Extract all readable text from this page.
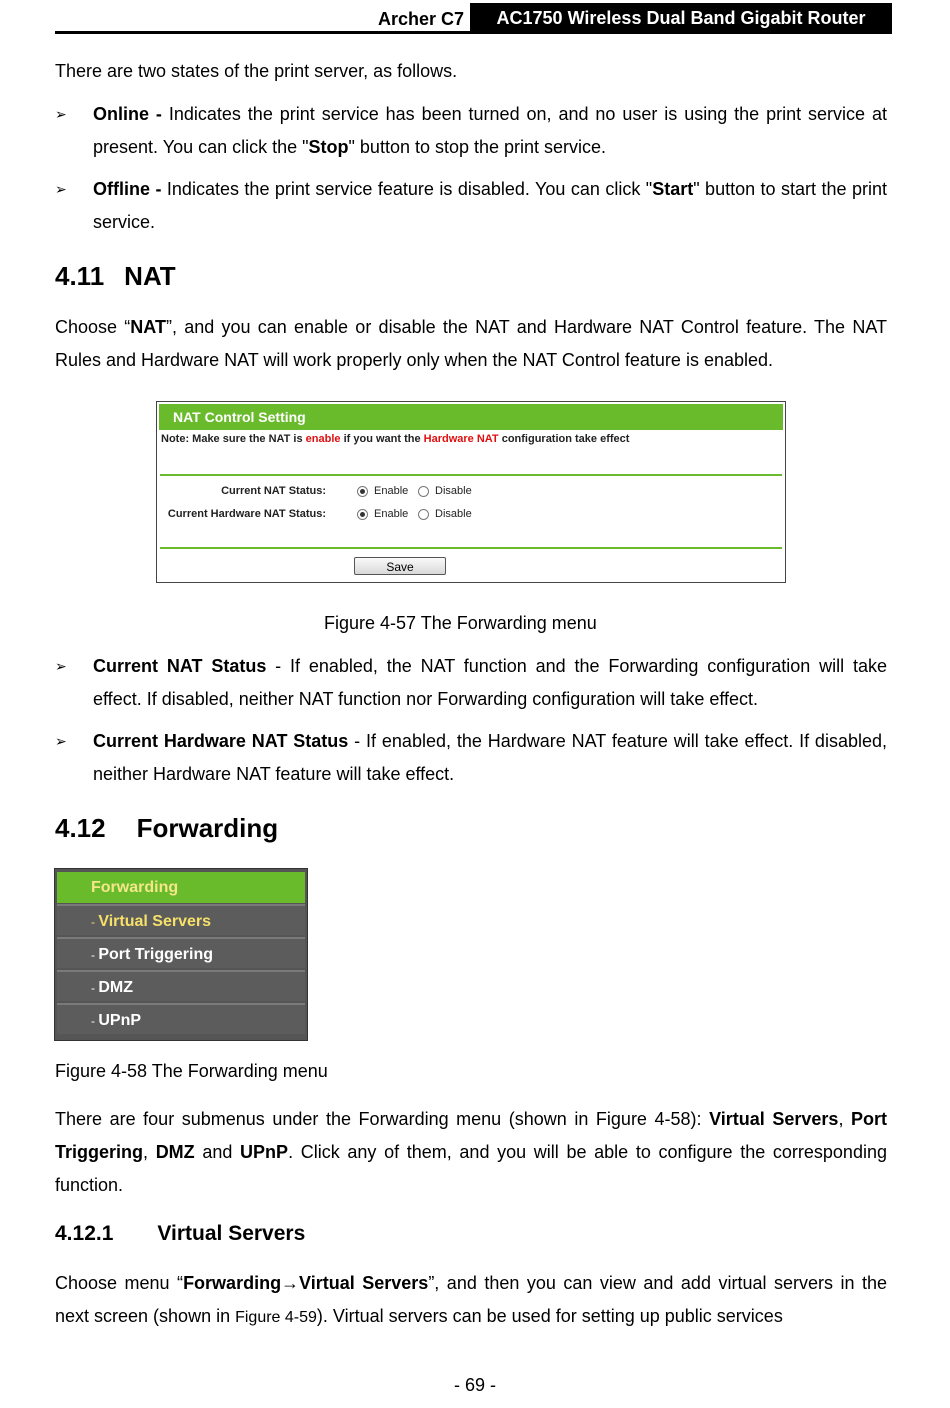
Archer C7	AC1750 Wireless Dual Band Gigabit Router
There are two states of the print server, as follows.
➢ Online - Indicates the print service has been turned on, and no user is using the print service at present. You can click the "Stop" button to stop the print service.
➢ Offline - Indicates the print service feature is disabled. You can click "Start" button to start the print service.
4.11 NAT
Choose “NAT”, and you can enable or disable the NAT and Hardware NAT Control feature. The NAT Rules and Hardware NAT will work properly only when the NAT Control feature is enabled.
NAT Control Setting
Note: Make sure the NAT is enable if you want the Hardware NAT configuration take effect
Current NAT Status:	Enable Disable
Current Hardware NAT Status:	Enable Disable
Save
Figure 4-57 The Forwarding menu
➢ Current NAT Status - If enabled, the NAT function and the Forwarding configuration will take effect. If disabled, neither NAT function nor Forwarding configuration will take effect.
➢ Current Hardware NAT Status - If enabled, the Hardware NAT feature will take effect. If disabled, neither Hardware NAT feature will take effect.
4.12 Forwarding
Forwarding
- Virtual Servers
- Port Triggering
- DMZ
- UPnP
Figure 4-58 The Forwarding menu
There are four submenus under the Forwarding menu (shown in Figure 4-58): Virtual Servers, Port Triggering, DMZ and UPnP. Click any of them, and you will be able to configure the corresponding function.
4.12.1 Virtual Servers
Choose menu “Forwarding→Virtual Servers”, and then you can view and add virtual servers in the next screen (shown in Figure 4-59). Virtual servers can be used for setting up public services
- 69 -
